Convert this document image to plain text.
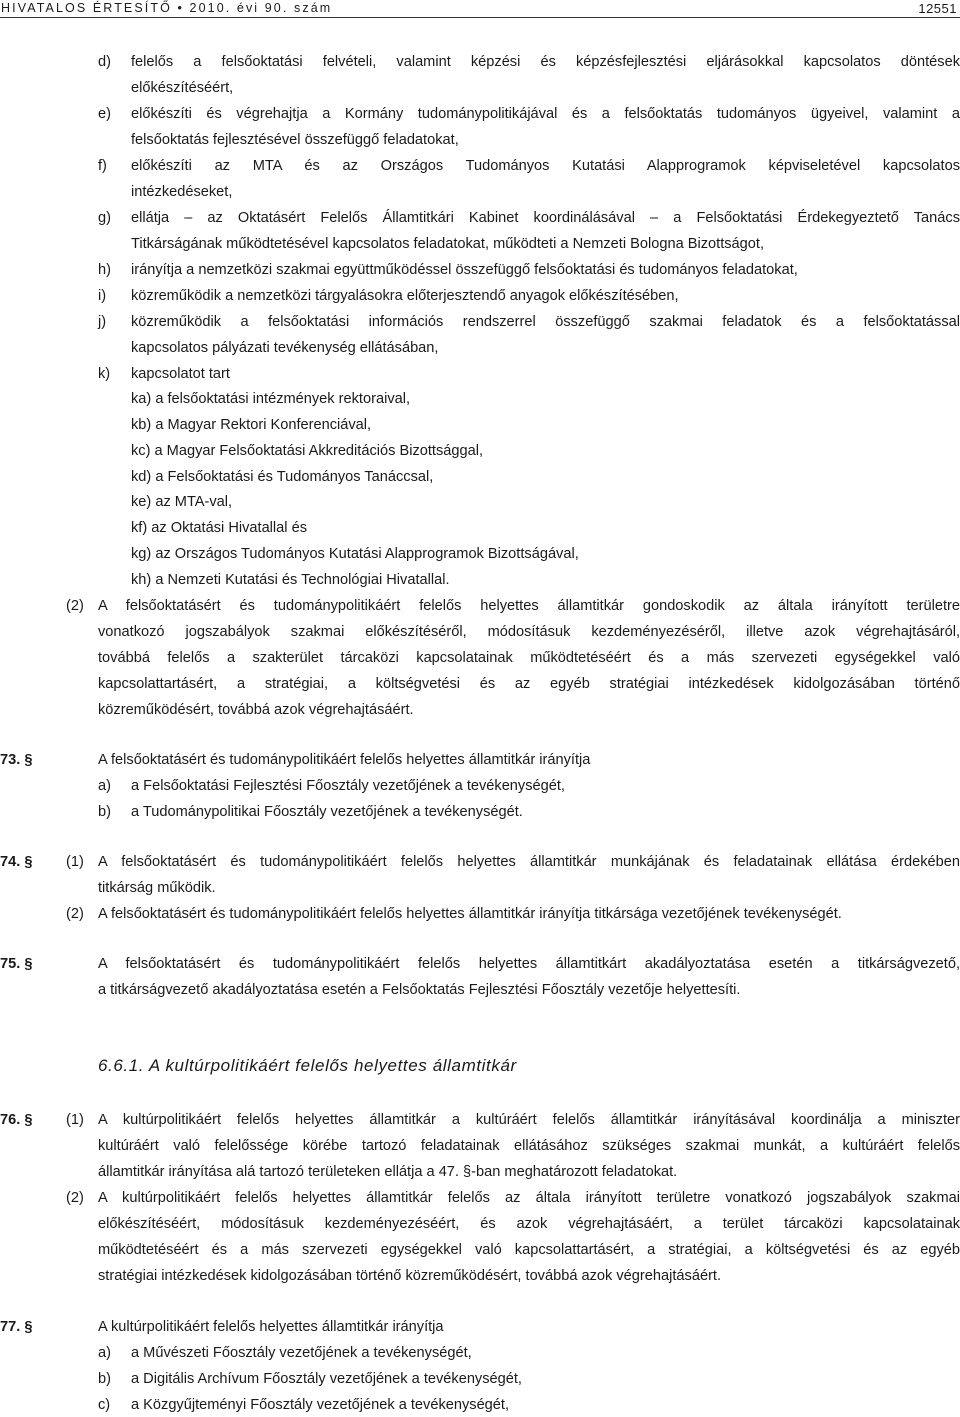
HIVATALOS ÉRTESÍTŐ • 2010. évi 90. szám	12551
d) felelős a felsőoktatási felvételi, valamint képzési és képzésfejlesztési eljárásokkal kapcsolatos döntések
előkészítéséért,
e) előkészíti és végrehajtja a Kormány tudománypolitikájával és a felsőoktatás tudományos ügyeivel, valamint a
felsőoktatás fejlesztésével összefüggő feladatokat,
f) előkészíti az MTA és az Országos Tudományos Kutatási Alapprogramok képviseletével kapcsolatos
intézkedéseket,
g) ellátja – az Oktatásért Felelős Államtitkári Kabinet koordinálásával – a Felsőoktatási Érdekegyeztető Tanács
Titkárságának működtetésével kapcsolatos feladatokat, működteti a Nemzeti Bologna Bizottságot,
h) irányítja a nemzetközi szakmai együttműködéssel összefüggő felsőoktatási és tudományos feladatokat,
i) közreműködik a nemzetközi tárgyalásokra előterjesztendő anyagok előkészítésében,
j) közreműködik a felsőoktatási információs rendszerrel összefüggő szakmai feladatok és a felsőoktatással
kapcsolatos pályázati tevékenység ellátásában,
k) kapcsolatot tart
ka) a felsőoktatási intézmények rektoraival,
kb) a Magyar Rektori Konferenciával,
kc) a Magyar Felsőoktatási Akkreditációs Bizottsággal,
kd) a Felsőoktatási és Tudományos Tanáccsal,
ke) az MTA-val,
kf) az Oktatási Hivatallal és
kg) az Országos Tudományos Kutatási Alapprogramok Bizottságával,
kh) a Nemzeti Kutatási és Technológiai Hivatallal.
(2) A felsőoktatásért és tudománypolitikáért felelős helyettes államtitkár gondoskodik az általa irányított területre
vonatkozó jogszabályok szakmai előkészítéséről, módosításuk kezdeményezéséről, illetve azok végrehajtásáról,
továbbá felelős a szakterület tárcaközi kapcsolatainak működtetéséért és a más szervezeti egységekkel való
kapcsolattartásért, a stratégiai, a költségvetési és az egyéb stratégiai intézkedések kidolgozásában történő
közreműködésért, továbbá azok végrehajtásáért.
73. §	A felsőoktatásért és tudománypolitikáért felelős helyettes államtitkár irányítja
a) a Felsőoktatási Fejlesztési Főosztály vezetőjének a tevékenységét,
b) a Tudománypolitikai Főosztály vezetőjének a tevékenységét.
74. § (1) A felsőoktatásért és tudománypolitikáért felelős helyettes államtitkár munkájának és feladatainak ellátása érdekében
titkárság működik.
(2) A felsőoktatásért és tudománypolitikáért felelős helyettes államtitkár irányítja titkársága vezetőjének tevékenységét.
75. §	A felsőoktatásért és tudománypolitikáért felelős helyettes államtitkárt akadályoztatása esetén a titkárságvezető,
a titkárságvezető akadályoztatása esetén a Felsőoktatás Fejlesztési Főosztály vezetője helyettesíti.
6.6.1. A kultúrpolitikáért felelős helyettes államtitkár
76. § (1) A kultúrpolitikáért felelős helyettes államtitkár a kultúráért felelős államtitkár irányításával koordinálja a miniszter
kultúráért való felelőssége körébe tartozó feladatainak ellátásához szükséges szakmai munkát, a kultúráért felelős
államtitkár irányítása alá tartozó területeken ellátja a 47. §-ban meghatározott feladatokat.
(2) A kultúrpolitikáért felelős helyettes államtitkár felelős az általa irányított területre vonatkozó jogszabályok szakmai
előkészítéséért, módosításuk kezdeményezéséért, és azok végrehajtásáért, a terület tárcaközi kapcsolatainak
működtetéséért és a más szervezeti egységekkel való kapcsolattartásért, a stratégiai, a költségvetési és az egyéb
stratégiai intézkedések kidolgozásában történő közreműködésért, továbbá azok végrehajtásáért.
77. §	A kultúrpolitikáért felelős helyettes államtitkár irányítja
a) a Művészeti Főosztály vezetőjének a tevékenységét,
b) a Digitális Archívum Főosztály vezetőjének a tevékenységét,
c) a Közgyűjteményi Főosztály vezetőjének a tevékenységét,
